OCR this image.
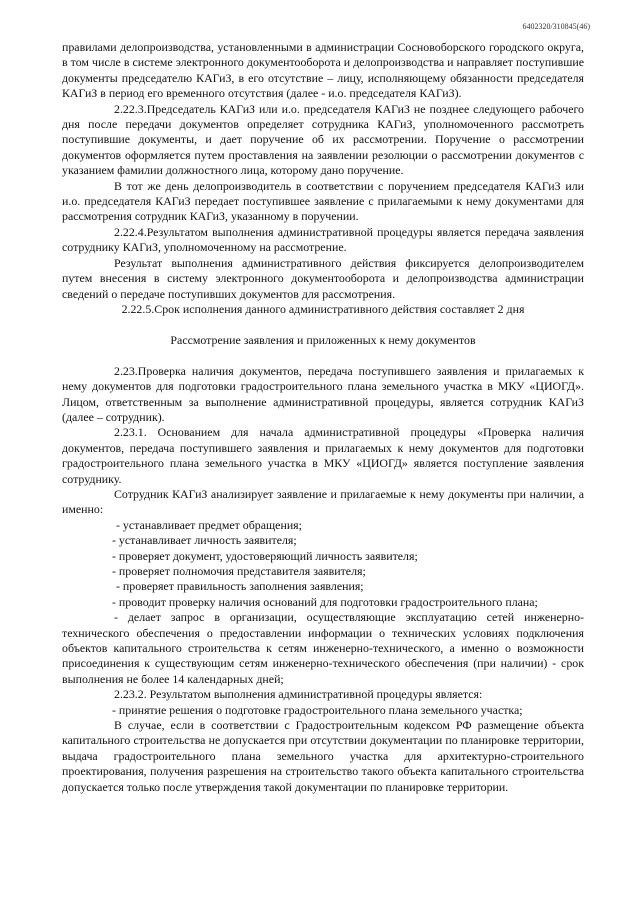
6402320/310845(46)

правилами делопроизводства, установленными в администрации Сосновоборского городского округа, в том числе в системе электронного документооборота и делопроизводства и направляет поступившие документы председателю КАГиЗ, в его отсутствие – лицу, исполняющему обязанности председателя КАГиЗ в период его временного отсутствия (далее - и.о. председателя КАГиЗ).

2.22.3.Председатель КАГиЗ или и.о. председателя КАГиЗ не позднее следующего рабочего дня после передачи документов определяет сотрудника КАГиЗ, уполномоченного рассмотреть поступившие документы, и дает поручение об их рассмотрении. Поручение о рассмотрении документов оформляется путем проставления на заявлении резолюции о рассмотрении документов с указанием фамилии должностного лица, которому дано поручение.

В тот же день делопроизводитель в соответствии с поручением председателя КАГиЗ или и.о. председателя КАГиЗ передает поступившее заявление с прилагаемыми к нему документами для рассмотрения сотрудник КАГиЗ, указанному в поручении.

2.22.4.Результатом выполнения административной процедуры является передача заявления сотруднику КАГиЗ, уполномоченному на рассмотрение.

Результат выполнения административного действия фиксируется делопроизводителем путем внесения в систему электронного документооборота и делопроизводства администрации сведений о передаче поступивших документов для рассмотрения.

2.22.5.Срок исполнения данного административного действия составляет 2 дня

Рассмотрение заявления и приложенных к нему документов

2.23.Проверка наличия документов, передача поступившего заявления и прилагаемых к нему документов для подготовки градостроительного плана земельного участка в МКУ «ЦИОГД». Лицом, ответственным за выполнение административной процедуры, является сотрудник КАГиЗ (далее – сотрудник).

2.23.1. Основанием для начала административной процедуры «Проверка наличия документов, передача поступившего заявления и прилагаемых к нему документов для подготовки градостроительного плана земельного участка в МКУ «ЦИОГД» является поступление заявления сотруднику.

Сотрудник КАГиЗ анализирует заявление и прилагаемые к нему документы при наличии, а именно:

- устанавливает предмет обращения;

- устанавливает личность заявителя;

- проверяет документ, удостоверяющий личность заявителя;

- проверяет полномочия представителя заявителя;

- проверяет правильность заполнения заявления;

- проводит проверку наличия оснований для подготовки градостроительного плана;

- делает запрос в организации, осуществляющие эксплуатацию сетей инженерно-технического обеспечения о предоставлении информации о технических условиях подключения объектов капитального строительства к сетям инженерно-технического, а именно о возможности присоединения к существующим сетям инженерно-технического обеспечения (при наличии) - срок выполнения не более 14 календарных дней;

2.23.2. Результатом выполнения административной процедуры является:

- принятие решения о подготовке градостроительного плана земельного участка;

В случае, если в соответствии с Градостроительным кодексом РФ размещение объекта капитального строительства не допускается при отсутствии документации по планировке территории, выдача градостроительного плана земельного участка для архитектурно-строительного проектирования, получения разрешения на строительство такого объекта капитального строительства допускается только после утверждения такой документации по планировке территории.
